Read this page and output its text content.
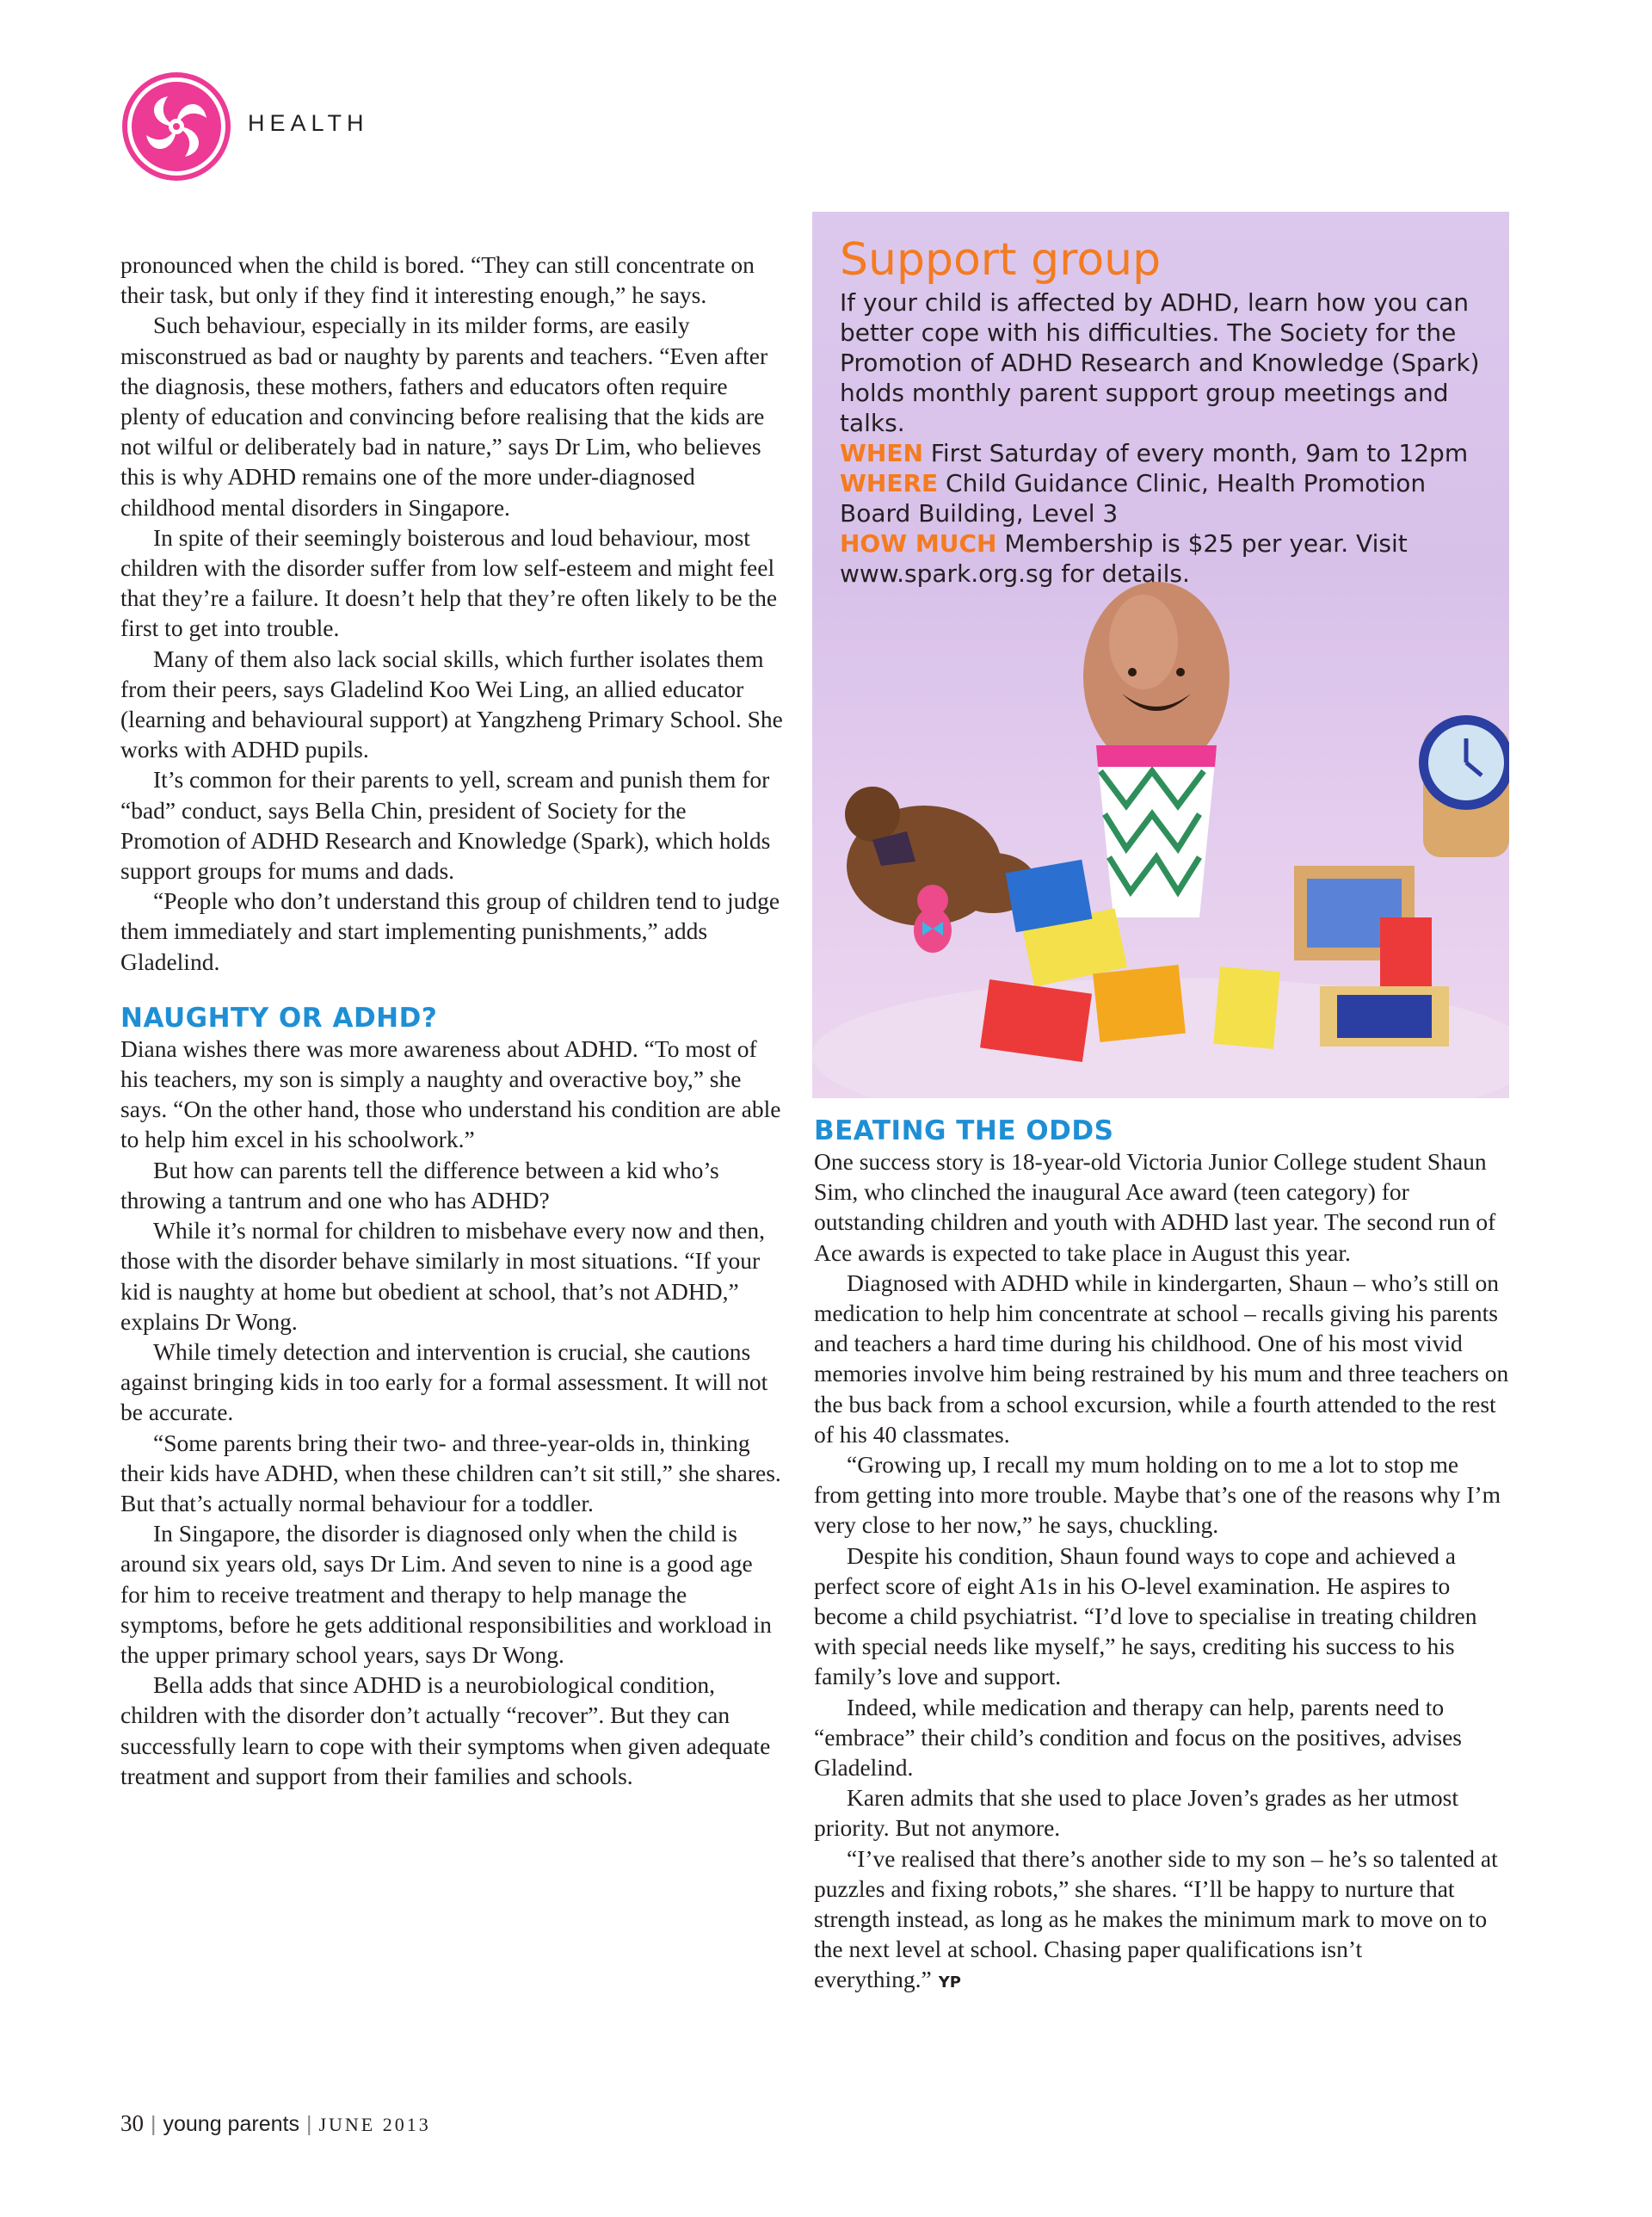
HEALTH

pronounced when the child is bored. “They can still concentrate on their task, but only if they find it interesting enough,” he says.

Such behaviour, especially in its milder forms, are easily misconstrued as bad or naughty by parents and teachers. “Even after the diagnosis, these mothers, fathers and educators often require plenty of education and convincing before realising that the kids are not wilful or deliberately bad in nature,” says Dr Lim, who believes this is why ADHD remains one of the more under-diagnosed childhood mental disorders in Singapore.

In spite of their seemingly boisterous and loud behaviour, most children with the disorder suffer from low self-esteem and might feel that they’re a failure. It doesn’t help that they’re often likely to be the first to get into trouble.

Many of them also lack social skills, which further isolates them from their peers, says Gladelind Koo Wei Ling, an allied educator (learning and behavioural support) at Yangzheng Primary School. She works with ADHD pupils.

It’s common for their parents to yell, scream and punish them for “bad” conduct, says Bella Chin, president of Society for the Promotion of ADHD Research and Knowledge (Spark), which holds support groups for mums and dads.

“People who don’t understand this group of children tend to judge them immediately and start implementing punishments,” adds Gladelind.

NAUGHTY OR ADHD?

Diana wishes there was more awareness about ADHD. “To most of his teachers, my son is simply a naughty and overactive boy,” she says. “On the other hand, those who understand his condition are able to help him excel in his schoolwork.”

But how can parents tell the difference between a kid who’s throwing a tantrum and one who has ADHD?

While it’s normal for children to misbehave every now and then, those with the disorder behave similarly in most situations. “If your kid is naughty at home but obedient at school, that’s not ADHD,” explains Dr Wong.

While timely detection and intervention is crucial, she cautions against bringing kids in too early for a formal assessment. It will not be accurate.

“Some parents bring their two- and three-year-olds in, thinking their kids have ADHD, when these children can’t sit still,” she shares. But that’s actually normal behaviour for a toddler.

In Singapore, the disorder is diagnosed only when the child is around six years old, says Dr Lim. And seven to nine is a good age for him to receive treatment and therapy to help manage the symptoms, before he gets additional responsibilities and workload in the upper primary school years, says Dr Wong.

Bella adds that since ADHD is a neurobiological condition, children with the disorder don’t actually “recover”. But they can successfully learn to cope with their symptoms when given adequate treatment and support from their families and schools.

Support group

If your child is affected by ADHD, learn how you can better cope with his difficulties. The Society for the Promotion of ADHD Research and Knowledge (Spark) holds monthly parent support group meetings and talks.

WHEN First Saturday of every month, 9am to 12pm

WHERE Child Guidance Clinic, Health Promotion Board Building, Level 3

HOW MUCH Membership is $25 per year. Visit www.spark.org.sg for details.

BEATING THE ODDS

One success story is 18-year-old Victoria Junior College student Shaun Sim, who clinched the inaugural Ace award (teen category) for outstanding children and youth with ADHD last year. The second run of Ace awards is expected to take place in August this year.

Diagnosed with ADHD while in kindergarten, Shaun – who’s still on medication to help him concentrate at school – recalls giving his parents and teachers a hard time during his childhood. One of his most vivid memories involve him being restrained by his mum and three teachers on the bus back from a school excursion, while a fourth attended to the rest of his 40 classmates.

“Growing up, I recall my mum holding on to me a lot to stop me from getting into more trouble. Maybe that’s one of the reasons why I’m very close to her now,” he says, chuckling.

Despite his condition, Shaun found ways to cope and achieved a perfect score of eight A1s in his O-level examination. He aspires to become a child psychiatrist. “I’d love to specialise in treating children with special needs like myself,” he says, crediting his success to his family’s love and support.

Indeed, while medication and therapy can help, parents need to “embrace” their child’s condition and focus on the positives, advises Gladelind.

Karen admits that she used to place Joven’s grades as her utmost priority. But not anymore.

“I’ve realised that there’s another side to my son – he’s so talented at puzzles and fixing robots,” she shares. “I’ll be happy to nurture that strength instead, as long as he makes the minimum mark to move on to the next level at school. Chasing paper qualifications isn’t everything.” YP

30 | young parents | JUNE 2013
